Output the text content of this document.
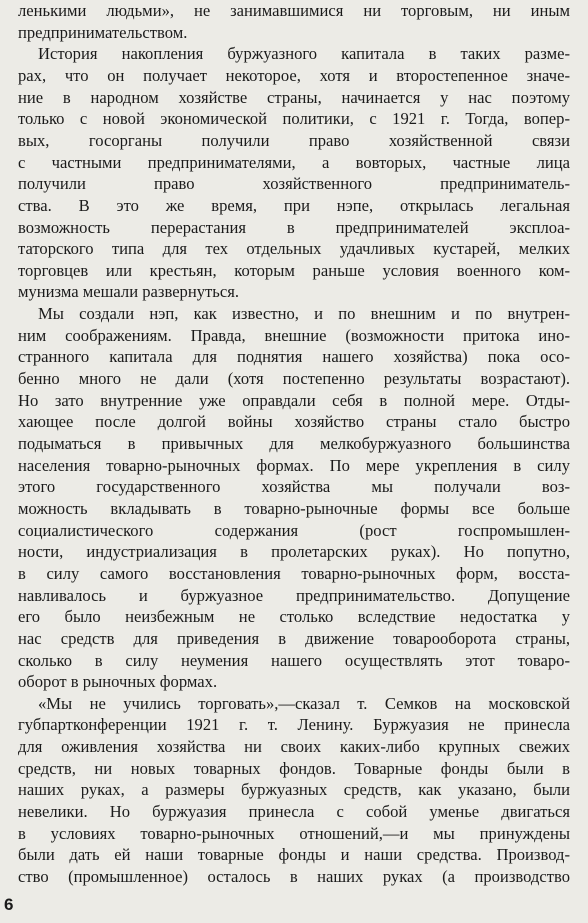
ленькими людьми», не занимавшимися ни торговым, ни иным
предпринимательством.
История накопления буржуазного капитала в таких разме-
рах, что он получает некоторое, хотя и второстепенное значе-
ние в народном хозяйстве страны, начинается у нас поэтому
только с новой экономической политики, с 1921 г. Тогда, вопер-
вых, госорганы получили право хозяйственной связи
с частными предпринимателями, а вовторых, частные лица
получили право хозяйственного предприниматель-
ства. В это же время, при нэпе, открылась легальная
возможность перерастания в предпринимателей эксплоа-
таторского типа для тех отдельных удачливых кустарей, мелких
торговцев или крестьян, которым раньше условия военного ком-
мунизма мешали развернуться.
Мы создали нэп, как известно, и по внешним и по внутрен-
ним соображениям. Правда, внешние (возможности притока ино-
странного капитала для поднятия нашего хозяйства) пока осо-
бенно много не дали (хотя постепенно результаты возрастают).
Но зато внутренние уже оправдали себя в полной мере. Отды-
хающее после долгой войны хозяйство страны стало быстро
подыматься в привычных для мелкобуржуазного большинства
населения товарно-рыночных формах. По мере укрепления в силу
этого государственного хозяйства мы получали воз-
можность вкладывать в товарно-рыночные формы все больше
социалистического содержания (рост госпромышлен-
ности, индустриализация в пролетарских руках). Но попутно,
в силу самого восстановления товарно-рыночных форм, восста-
навливалось и буржуазное предпринимательство. Допущение
его было неизбежным не столько вследствие недостатка у
нас средств для приведения в движение товарооборота страны,
сколько в силу неумения нашего осуществлять этот товаро-
оборот в рыночных формах.
«Мы не учились торговать»,—сказал т. Семков на московской
губпартконференции 1921 г. т. Ленину. Буржуазия не принесла
для оживления хозяйства ни своих каких-либо крупных свежих
средств, ни новых товарных фондов. Товарные фонды были в
наших руках, а размеры буржуазных средств, как указано, были
невелики. Но буржуазия принесла с собой уменье двигаться
в условиях товарно-рыночных отношений,—и мы принуждены
были дать ей наши товарные фонды и наши средства. Производ-
ство (промышленное) осталось в наших руках (а производство
6
